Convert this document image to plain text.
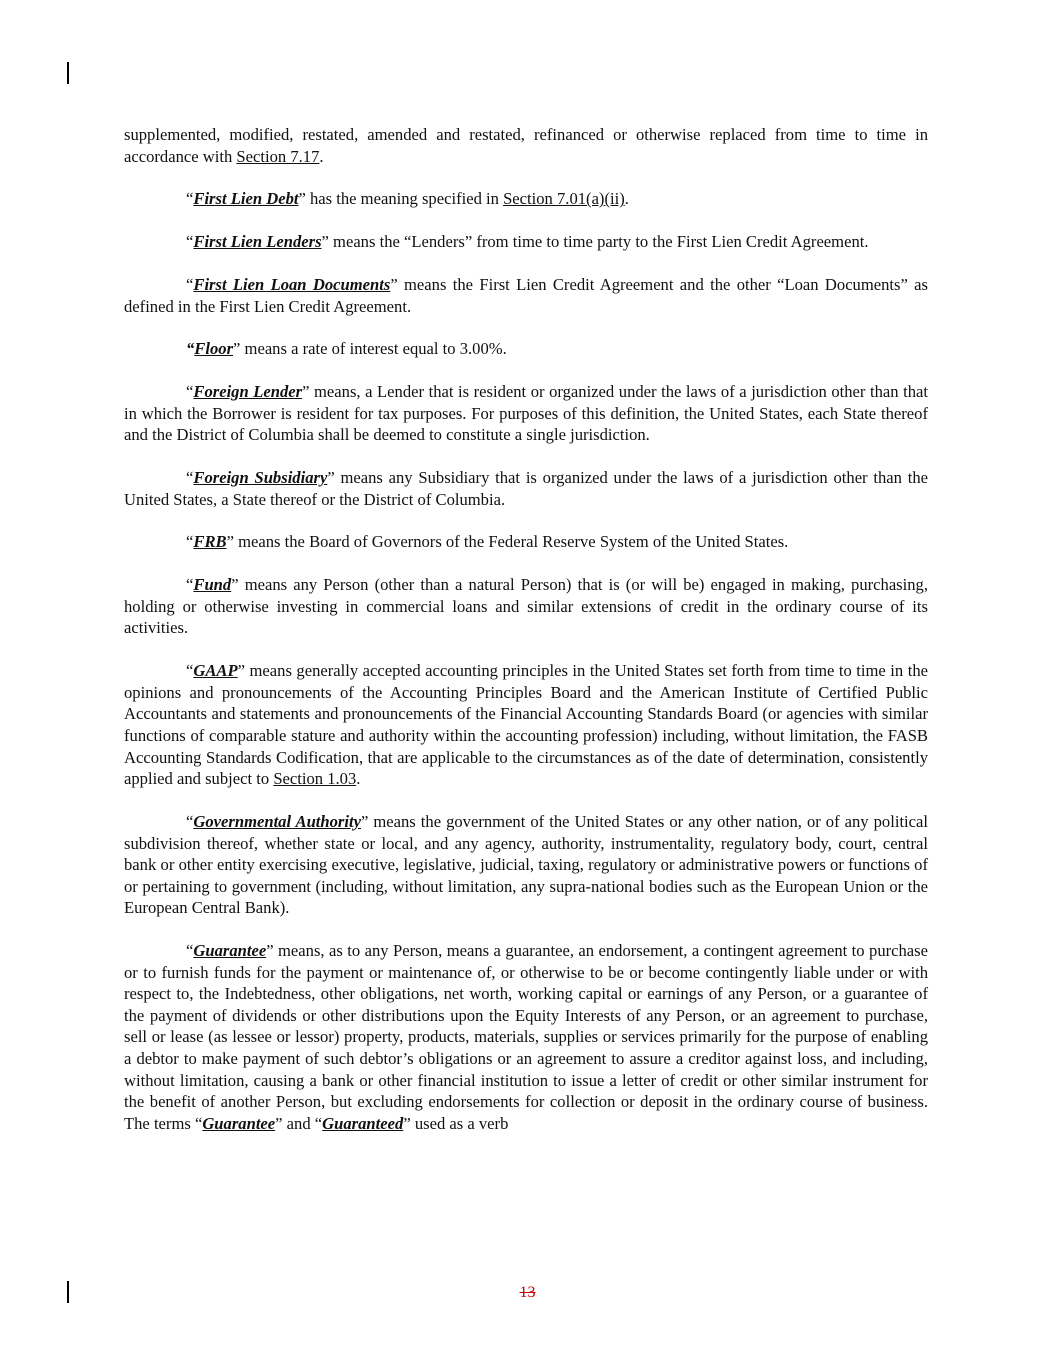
supplemented, modified, restated, amended and restated, refinanced or otherwise replaced from time to time in accordance with Section 7.17.

“First Lien Debt” has the meaning specified in Section 7.01(a)(ii).

“First Lien Lenders” means the “Lenders” from time to time party to the First Lien Credit Agreement.

“First Lien Loan Documents” means the First Lien Credit Agreement and the other “Loan Documents” as defined in the First Lien Credit Agreement.

“Floor” means a rate of interest equal to 3.00%.

“Foreign Lender” means, a Lender that is resident or organized under the laws of a jurisdiction other than that in which the Borrower is resident for tax purposes. For purposes of this definition, the United States, each State thereof and the District of Columbia shall be deemed to constitute a single jurisdiction.

“Foreign Subsidiary” means any Subsidiary that is organized under the laws of a jurisdiction other than the United States, a State thereof or the District of Columbia.

“FRB” means the Board of Governors of the Federal Reserve System of the United States.

“Fund” means any Person (other than a natural Person) that is (or will be) engaged in making, purchasing, holding or otherwise investing in commercial loans and similar extensions of credit in the ordinary course of its activities.

“GAAP” means generally accepted accounting principles in the United States set forth from time to time in the opinions and pronouncements of the Accounting Principles Board and the American Institute of Certified Public Accountants and statements and pronouncements of the Financial Accounting Standards Board (or agencies with similar functions of comparable stature and authority within the accounting profession) including, without limitation, the FASB Accounting Standards Codification, that are applicable to the circumstances as of the date of determination, consistently applied and subject to Section 1.03.

“Governmental Authority” means the government of the United States or any other nation, or of any political subdivision thereof, whether state or local, and any agency, authority, instrumentality, regulatory body, court, central bank or other entity exercising executive, legislative, judicial, taxing, regulatory or administrative powers or functions of or pertaining to government (including, without limitation, any supra-national bodies such as the European Union or the European Central Bank).

“Guarantee” means, as to any Person, means a guarantee, an endorsement, a contingent agreement to purchase or to furnish funds for the payment or maintenance of, or otherwise to be or become contingently liable under or with respect to, the Indebtedness, other obligations, net worth, working capital or earnings of any Person, or a guarantee of the payment of dividends or other distributions upon the Equity Interests of any Person, or an agreement to purchase, sell or lease (as lessee or lessor) property, products, materials, supplies or services primarily for the purpose of enabling a debtor to make payment of such debtor’s obligations or an agreement to assure a creditor against loss, and including, without limitation, causing a bank or other financial institution to issue a letter of credit or other similar instrument for the benefit of another Person, but excluding endorsements for collection or deposit in the ordinary course of business. The terms “Guarantee” and “Guaranteed” used as a verb

13
